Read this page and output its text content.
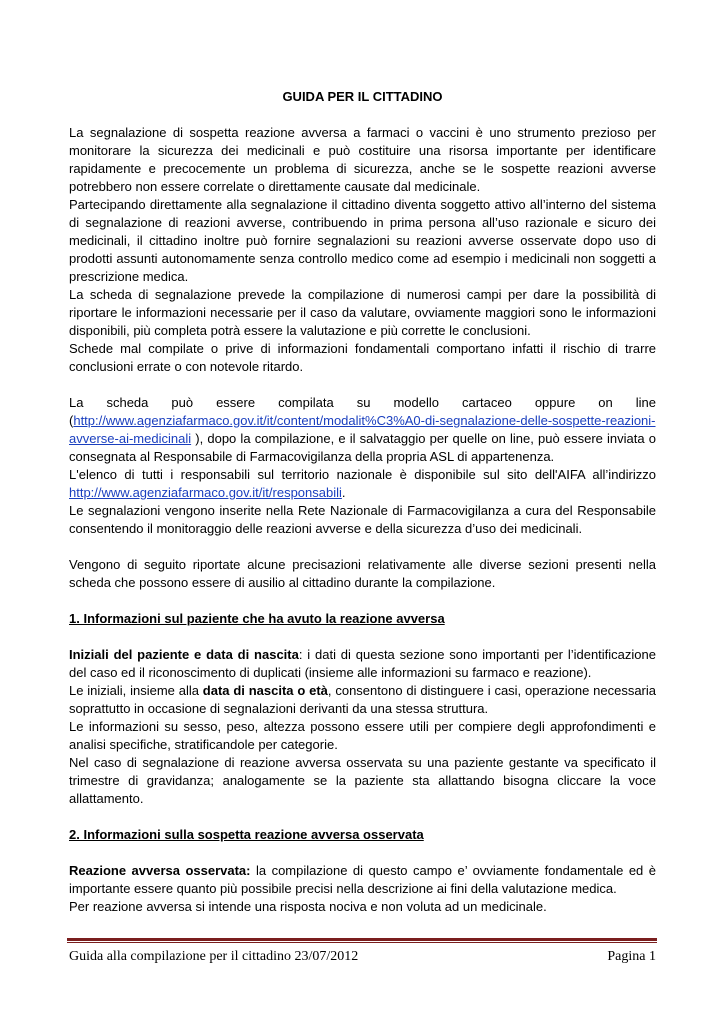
GUIDA PER IL CITTADINO

La segnalazione di sospetta reazione avversa a farmaci o vaccini è uno strumento prezioso per monitorare la sicurezza dei medicinali e può costituire una risorsa importante per identificare rapidamente e precocemente un problema di sicurezza, anche se le sospette reazioni avverse potrebbero non essere correlate o direttamente causate dal medicinale.

Partecipando direttamente alla segnalazione il cittadino diventa soggetto attivo all’interno del sistema di segnalazione di reazioni avverse, contribuendo in prima persona all’uso razionale e sicuro dei medicinali, il cittadino inoltre può fornire segnalazioni su reazioni avverse osservate dopo uso di prodotti assunti autonomamente senza controllo medico come ad esempio i medicinali non soggetti a prescrizione medica.

La scheda di segnalazione prevede la compilazione di numerosi campi per dare la possibilità di riportare le informazioni necessarie per il caso da valutare, ovviamente maggiori sono le informazioni disponibili, più completa potrà essere la valutazione e più corrette le conclusioni.

Schede mal compilate o prive di informazioni fondamentali comportano infatti il rischio di trarre conclusioni errate o con notevole ritardo.

La scheda può essere compilata su modello cartaceo oppure on line (http://www.agenziafarmaco.gov.it/it/content/modalit%C3%A0-di-segnalazione-delle-sospette-reazioni-avverse-ai-medicinali ), dopo la compilazione, e il salvataggio per quelle on line, può essere inviata o consegnata al Responsabile di Farmacovigilanza della propria ASL di appartenenza.

L'elenco di tutti i responsabili sul territorio nazionale è disponibile sul sito dell'AIFA all’indirizzo http://www.agenziafarmaco.gov.it/it/responsabili.

Le segnalazioni vengono inserite nella Rete Nazionale di Farmacovigilanza a cura del Responsabile consentendo il monitoraggio delle reazioni avverse e della sicurezza d’uso dei medicinali.

Vengono di seguito riportate alcune precisazioni relativamente alle diverse sezioni presenti nella scheda che possono essere di ausilio al cittadino durante la compilazione.

1. Informazioni sul paziente che ha avuto la reazione avversa

Iniziali del paziente e data di nascita: i dati di questa sezione sono importanti per l’identificazione del caso ed il riconoscimento di duplicati (insieme alle informazioni su farmaco e reazione).

Le iniziali, insieme alla data di nascita o età, consentono di distinguere i casi, operazione necessaria soprattutto in occasione di segnalazioni derivanti da una stessa struttura.

Le informazioni su sesso, peso, altezza possono essere utili per compiere degli approfondimenti e analisi specifiche, stratificandole per categorie.

Nel caso di segnalazione di reazione avversa osservata su una paziente gestante va specificato il trimestre di gravidanza; analogamente se la paziente sta allattando bisogna cliccare la voce allattamento.

2. Informazioni sulla sospetta reazione avversa osservata

Reazione avversa osservata: la compilazione di questo campo e’ ovviamente fondamentale ed è importante essere quanto più possibile precisi nella descrizione ai fini della valutazione medica.

Per reazione avversa si intende una risposta nociva e non voluta ad un medicinale.

Guida alla compilazione per il cittadino 23/07/2012	Pagina 1
